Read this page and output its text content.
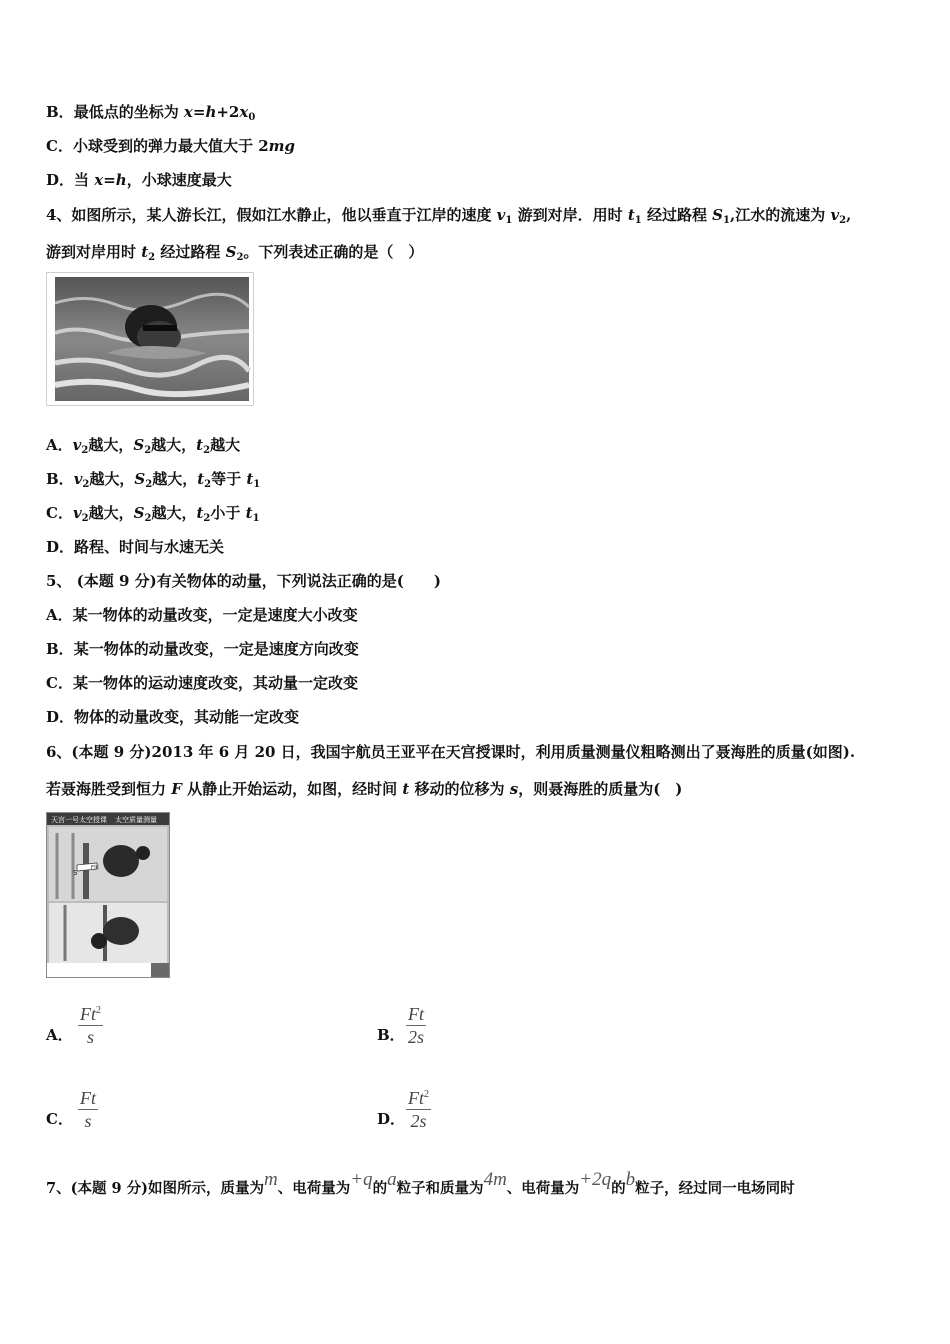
B．最低点的坐标为 $x=h+2x_0$
C．小球受到的弹力最大值大于 2mg
D．当 x=h，小球速度最大
4、如图所示，某人游长江，假如江水静止，他以垂直于江岸的速度 $v_1$ 游到对岸．用时 $t_1$ 经过路程 $S_1$,江水的流速为 $v_2$,
游到对岸用时 $t_2$ 经过路程 $S_2$。下列表述正确的是（　）
A．$v_2$越大，$S_2$越大，$t_2$越大
B．$v_2$越大，$S_2$越大，$t_2$等于 $t_1$
C．$v_2$越大，$S_2$越大，$t_2$小于 $t_1$
D．路程、时间与水速无关
5、 (本题 9 分)有关物体的动量，下列说法正确的是(　　)
A．某一物体的动量改变，一定是速度大小改变
B．某一物体的动量改变，一定是速度方向改变
C．某一物体的运动速度改变，其动量一定改变
D．物体的动量改变，其动能一定改变
6、(本题 9 分)2013 年 6 月 20 日，我国宇航员王亚平在天宫授课时，利用质量测量仪粗略测出了聂海胜的质量(如图).
若聂海胜受到恒力 F 从静止开始运动，如图，经时间 t 移动的位移为 s，则聂海胜的质量为(　)
天宫一号太空授课 太空质量测量
F恒
S
A． $\frac{Ft^2}{s}$	B． $\frac{Ft}{2s}$
C． $\frac{Ft}{s}$	D． $\frac{Ft^2}{2s}$
7、(本题 9 分)如图所示，质量为m、电荷量为+q的a粒子和质量为4m、电荷量为+2q的b粒子，经过同一电场同时
